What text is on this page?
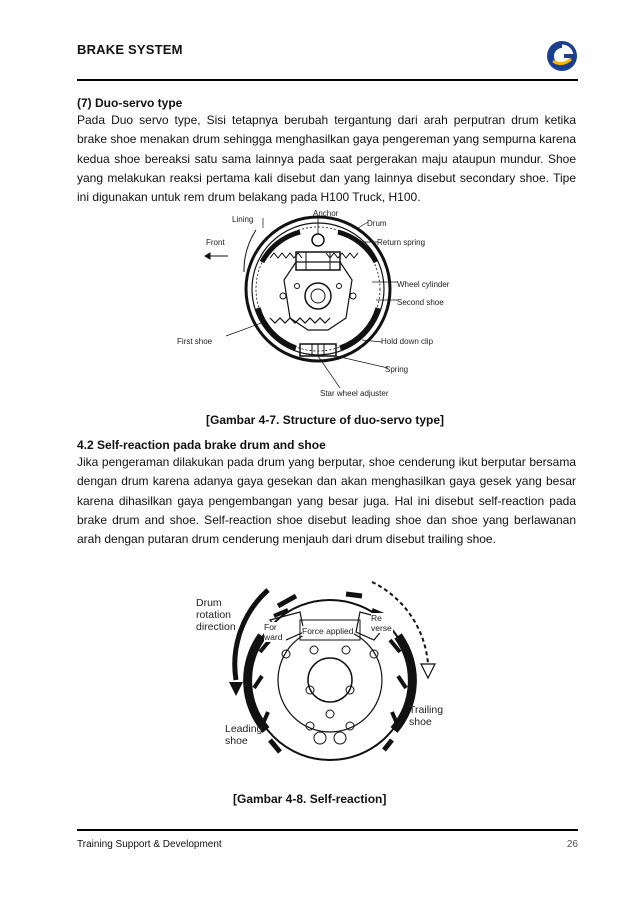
BRAKE SYSTEM
(7) Duo-servo type
Pada Duo servo type, Sisi tetapnya berubah tergantung dari arah perputran drum ketika brake shoe menakan drum sehingga menghasilkan gaya pengereman yang sempurna karena kedua shoe bereaksi satu sama lainnya pada saat pergerakan maju ataupun mundur. Shoe yang melakukan reaksi pertama kali disebut dan yang lainnya disebut secondary shoe. Tipe ini digunakan untuk rem drum belakang pada H100 Truck, H100.
Anchor
Lining	Drum
Front	Return spring
Wheel cylinder
Second shoe
First shoe	Hold down clip
Spring
Star wheel adjuster
[Gambar 4-7. Structure of duo-servo type]
4.2 Self-reaction pada brake drum and shoe
Jika pengeraman dilakukan pada drum yang berputar, shoe cenderung ikut berputar bersama dengan drum karena adanya gaya gesekan dan akan menghasilkan gaya gesek yang besar karena dihasilkan gaya pengembangan yang besar juga. Hal ini disebut self-reaction pada brake drum and shoe. Self-reaction shoe disebut leading shoe dan shoe yang berlawanan arah dengan putaran drum cenderung menjauh dari drum disebut trailing shoe.
Drum rotation direction	For ward
Force applied
Re verse
Trailing shoe
Leading shoe
[Gambar 4-8. Self-reaction]
Training Support & Development	26
